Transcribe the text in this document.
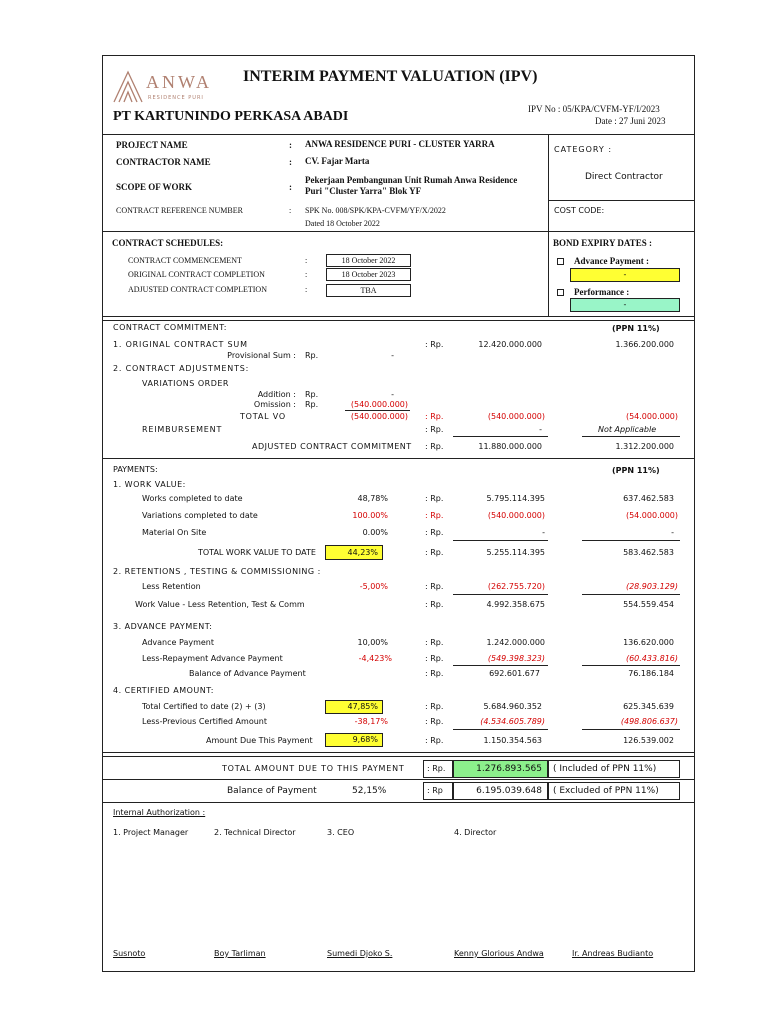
ANWA
RESIDENCE PURI
INTERIM PAYMENT VALUATION (IPV)
PT KARTUNINDO PERKASA ABADI	IPV No : 05/KPA/CVFM-YF/I/2023
Date : 27 Juni 2023
PROJECT NAME	: ANWA RESIDENCE PURI - CLUSTER YARRA
CONTRACTOR NAME	: CV. Fajar Marta
SCOPE OF WORK	:
Pekerjaan Pembangunan Unit Rumah Anwa Residence
Puri "Cluster Yarra" Blok YF
CONTRACT REFERENCE NUMBER	: SPK No. 008/SPK/KPA-CVFM/YF/X/2022
Dated 18 October 2022
CATEGORY :
Direct Contractor
COST CODE:
CONTRACT SCHEDULES:
CONTRACT COMMENCEMENT	:	18 October 2022
ORIGINAL CONTRACT COMPLETION	:	18 October 2023
ADJUSTED CONTRACT COMPLETION	:	TBA
BOND EXPIRY DATES :
Advance Payment :
-
Performance :
-
CONTRACT COMMITMENT:	(PPN 11%)
1. ORIGINAL CONTRACT SUM	: Rp.	12.420.000.000	1.366.200.000
Provisional Sum : Rp.	-
2. CONTRACT ADJUSTMENTS:
VARIATIONS ORDER
Addition : Rp.	-
Omission : Rp.	(540.000.000)
TOTAL VO	(540.000.000) : Rp.	(540.000.000)	(54.000.000)
REIMBURSEMENT	: Rp.	-	Not Applicable
ADJUSTED CONTRACT COMMITMENT : Rp.	11.880.000.000	1.312.200.000
PAYMENTS:	(PPN 11%)
1. WORK VALUE:
Works completed to date	48,78%	: Rp.	5.795.114.395	637.462.583
Variations completed to date	100.00%	: Rp.	(540.000.000)	(54.000.000)
Material On Site	0.00%	: Rp.	-	-
TOTAL WORK VALUE TO DATE	44,23%	: Rp.	5.255.114.395	583.462.583
2. RETENTIONS , TESTING & COMMISSIONING :
Less Retention	-5,00%	: Rp.	(262.755.720)	(28.903.129)
Work Value - Less Retention, Test & Comm	: Rp.	4.992.358.675	554.559.454
3. ADVANCE PAYMENT:
Advance Payment	10,00%	: Rp.	1.242.000.000	136.620.000
Less-Repayment Advance Payment	-4,423%	: Rp.	(549.398.323)	(60.433.816)
Balance of Advance Payment	: Rp.	692.601.677	76.186.184
4. CERTIFIED AMOUNT:
Total Certified to date (2) + (3)	47,85%	: Rp.	5.684.960.352	625.345.639
Less-Previous Certified Amount	-38,17%	: Rp.	(4.534.605.789)	(498.806.637)
Amount Due This Payment	9,68%	: Rp.	1.150.354.563	126.539.002
TOTAL AMOUNT DUE TO THIS PAYMENT	: Rp.	1.276.893.565	( Included of PPN 11%)
Balance of Payment	52,15%	: Rp	6.195.039.648	( Excluded of PPN 11%)
Internal Authorization :
1. Project Manager	2. Technical Director	3. CEO	4. Director
Susnoto	Boy Tarliman	Sumedi Djoko S.	Kenny Glorious Andwa	Ir. Andreas Budianto
